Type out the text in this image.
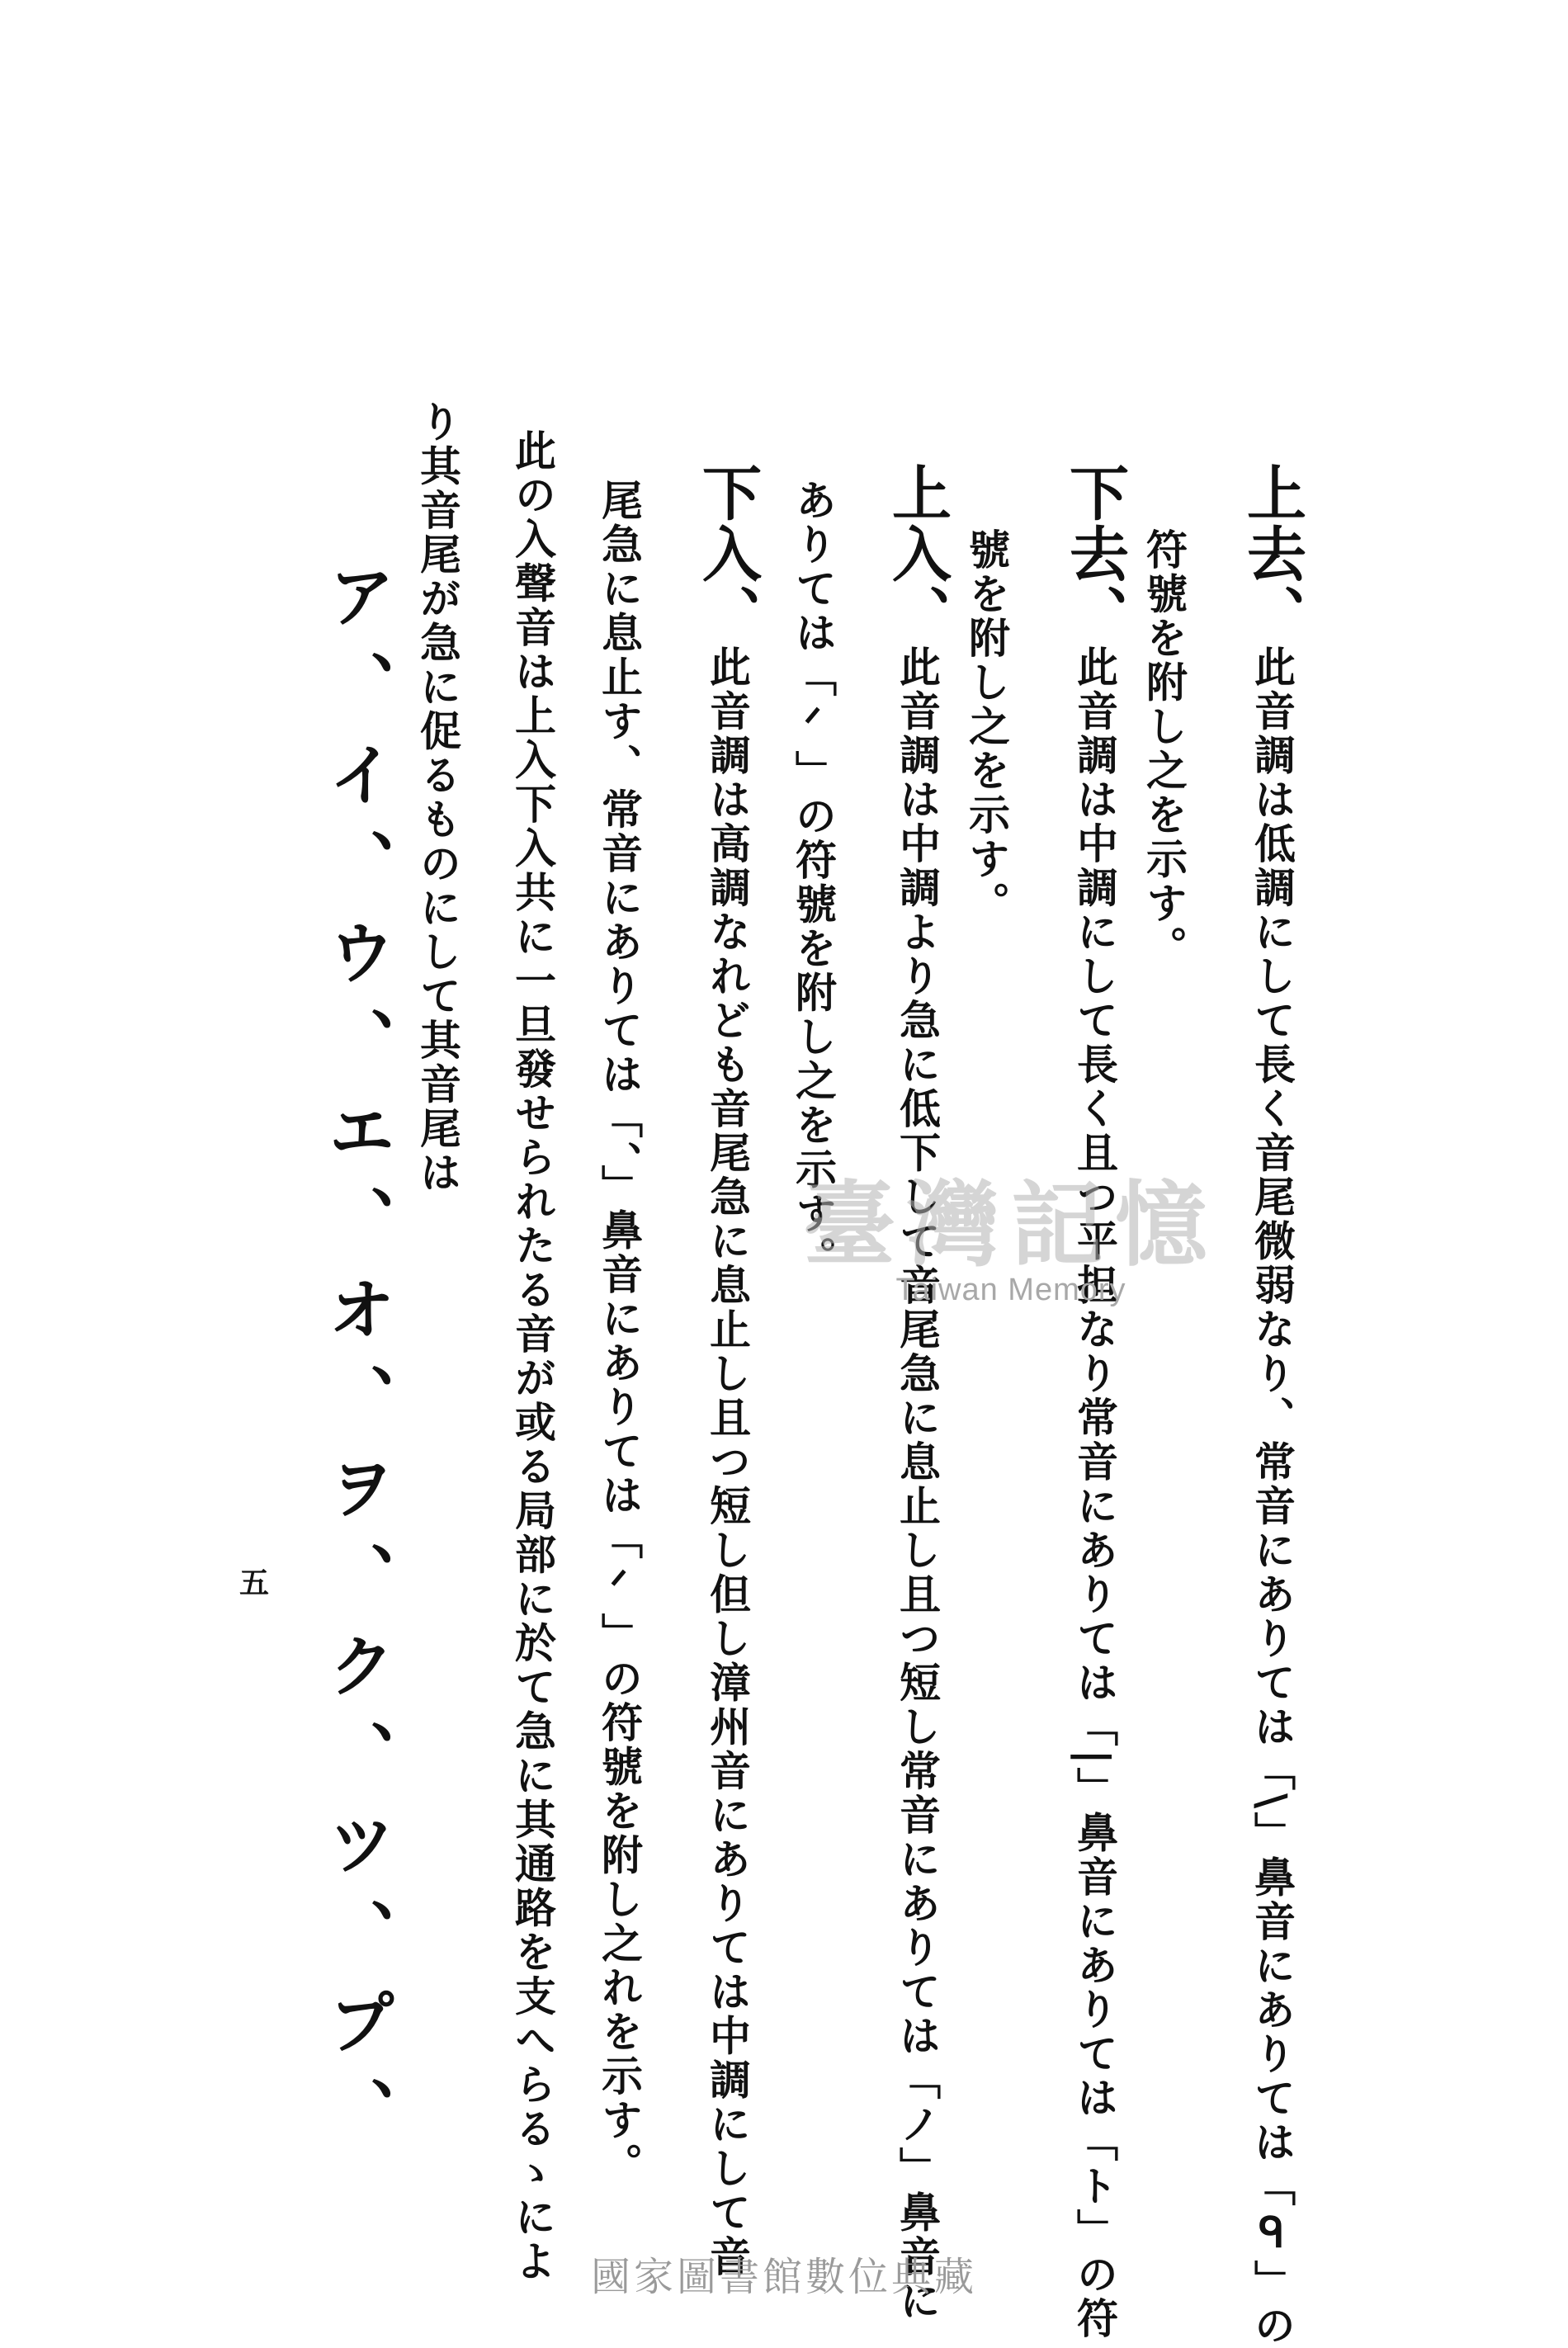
上去、此音調は低調にして長く音尾微弱なり、常音にありては「\」鼻音にありては「ᑫ」の
符號を附し之を示す。
下去、此音調は中調にして長く且つ平担なり常音にありては「|」鼻音にありては「ト」の符
號を附し之を示す。
上入、此音調は中調より急に低下して音尾急に息止し且つ短し常音にありては「ノ」鼻音に
ありては「ᐟ」の符號を附し之を示す。
下入、此音調は高調なれども音尾急に息止し且つ短し但し漳州音にありては中調にして音
尾急に息止す、常音にありては「、」鼻音にありては「ᐟ」の符號を附し之れを示す。
此の入聲音は上入下入共に一旦發せられたる音が或る局部に於て急に其通路を支へらるゝによ
り其音尾が急に促るものにして其音尾は
ア、イ、ウ、エ、オ、ヲ、ク、ツ、プ、
五
臺灣記憶
Taiwan Memory
國家圖書館數位典藏
